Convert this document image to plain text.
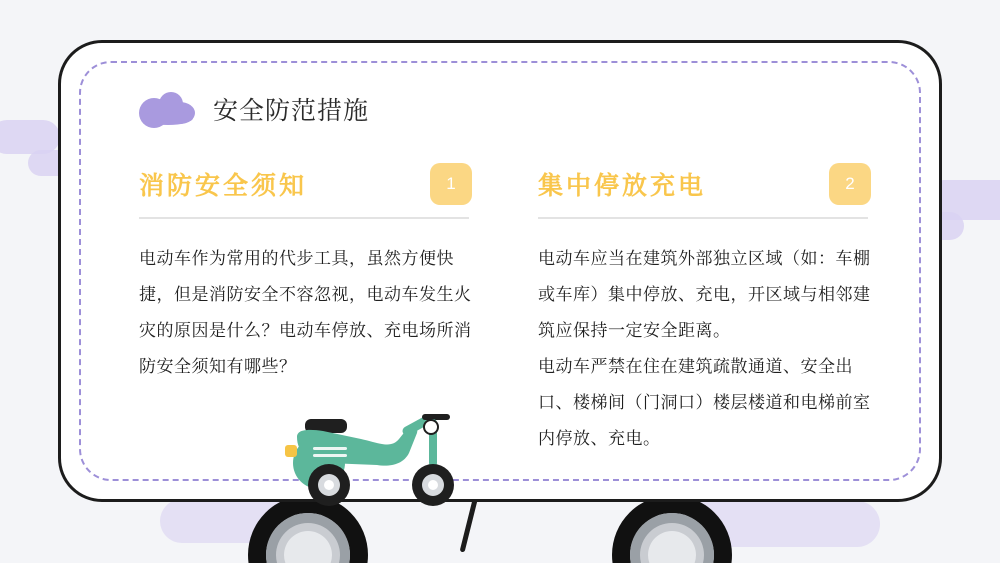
安全防范措施
消防安全须知	1

电动车作为常用的代步工具，虽然方便快捷，但是消防安全不容忽视，电动车发生火灾的原因是什么？电动车停放、充电场所消防安全须知有哪些？

集中停放充电	2

电动车应当在建筑外部独立区域（如：车棚或车库）集中停放、充电，开区域与相邻建筑应保持一定安全距离。

电动车严禁在住在建筑疏散通道、安全出口、楼梯间（门洞口）楼层楼道和电梯前室内停放、充电。
